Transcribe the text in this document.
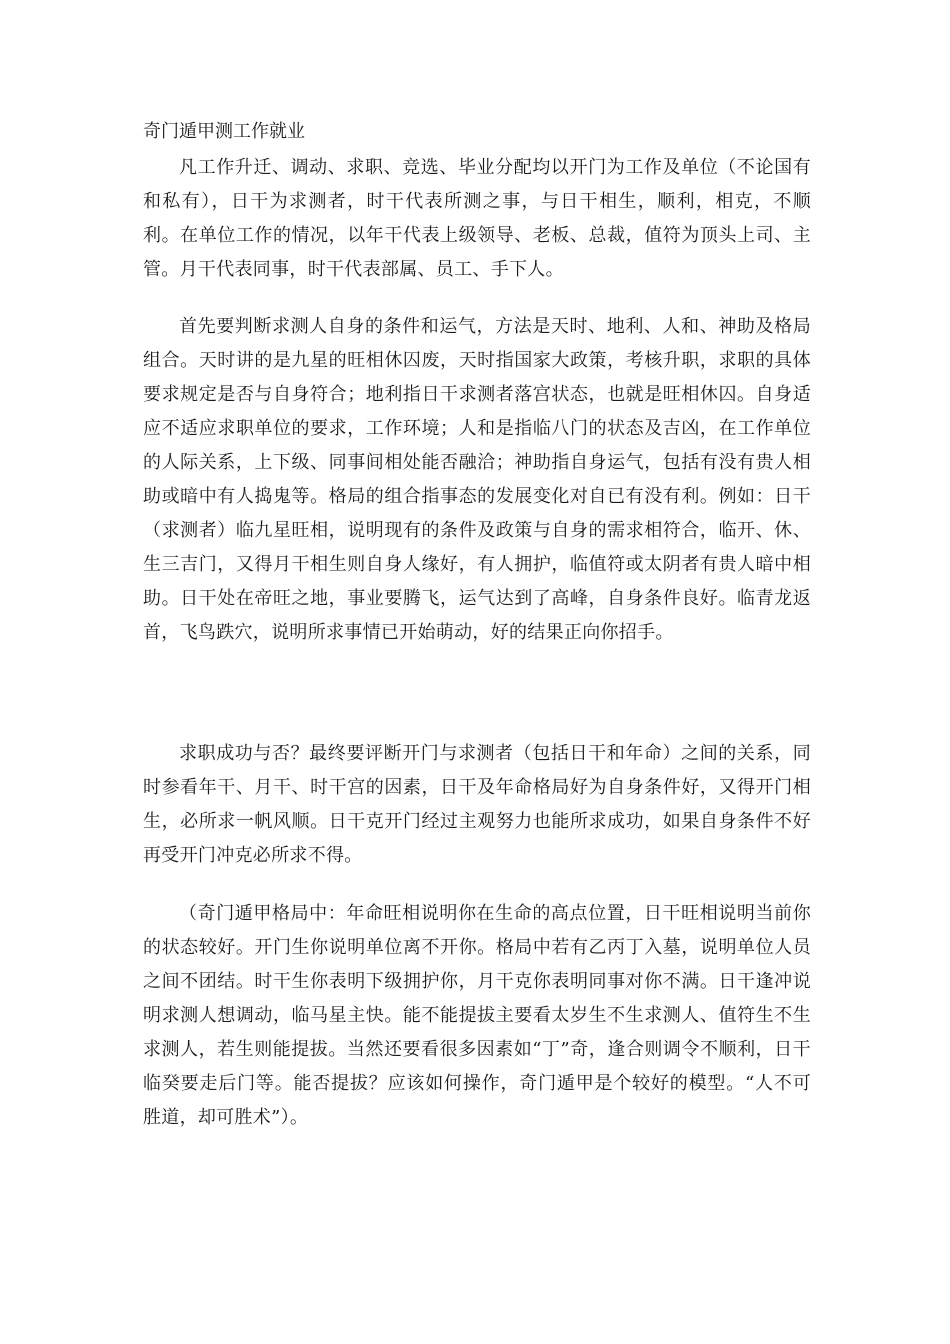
奇门遁甲测工作就业

凡工作升迁、调动、求职、竞选、毕业分配均以开门为工作及单位（不论国有和私有），日干为求测者，时干代表所测之事，与日干相生，顺利，相克，不顺利。在单位工作的情况，以年干代表上级领导、老板、总裁，值符为顶头上司、主管。月干代表同事，时干代表部属、员工、手下人。

首先要判断求测人自身的条件和运气，方法是天时、地利、人和、神助及格局组合。天时讲的是九星的旺相休囚废，天时指国家大政策，考核升职，求职的具体要求规定是否与自身符合；地利指日干求测者落宫状态，也就是旺相休囚。自身适应不适应求职单位的要求，工作环境；人和是指临八门的状态及吉凶，在工作单位的人际关系，上下级、同事间相处能否融洽；神助指自身运气，包括有没有贵人相助或暗中有人捣鬼等。格局的组合指事态的发展变化对自已有没有利。例如：日干（求测者）临九星旺相，说明现有的条件及政策与自身的需求相符合，临开、休、生三吉门，又得月干相生则自身人缘好，有人拥护，临值符或太阴者有贵人暗中相助。日干处在帝旺之地，事业要腾飞，运气达到了高峰，自身条件良好。临青龙返首，飞鸟跌穴，说明所求事情已开始萌动，好的结果正向你招手。

求职成功与否？最终要评断开门与求测者（包括日干和年命）之间的关系，同时参看年干、月干、时干宫的因素，日干及年命格局好为自身条件好，又得开门相生，必所求一帆风顺。日干克开门经过主观努力也能所求成功，如果自身条件不好再受开门冲克必所求不得。

（奇门遁甲格局中：年命旺相说明你在生命的高点位置，日干旺相说明当前你的状态较好。开门生你说明单位离不开你。格局中若有乙丙丁入墓，说明单位人员之间不团结。时干生你表明下级拥护你，月干克你表明同事对你不满。日干逢冲说明求测人想调动，临马星主快。能不能提拔主要看太岁生不生求测人、值符生不生求测人，若生则能提拔。当然还要看很多因素如“丁”奇，逢合则调令不顺利，日干临癸要走后门等。能否提拔？应该如何操作，奇门遁甲是个较好的模型。“人不可胜道，却可胜术”）。
